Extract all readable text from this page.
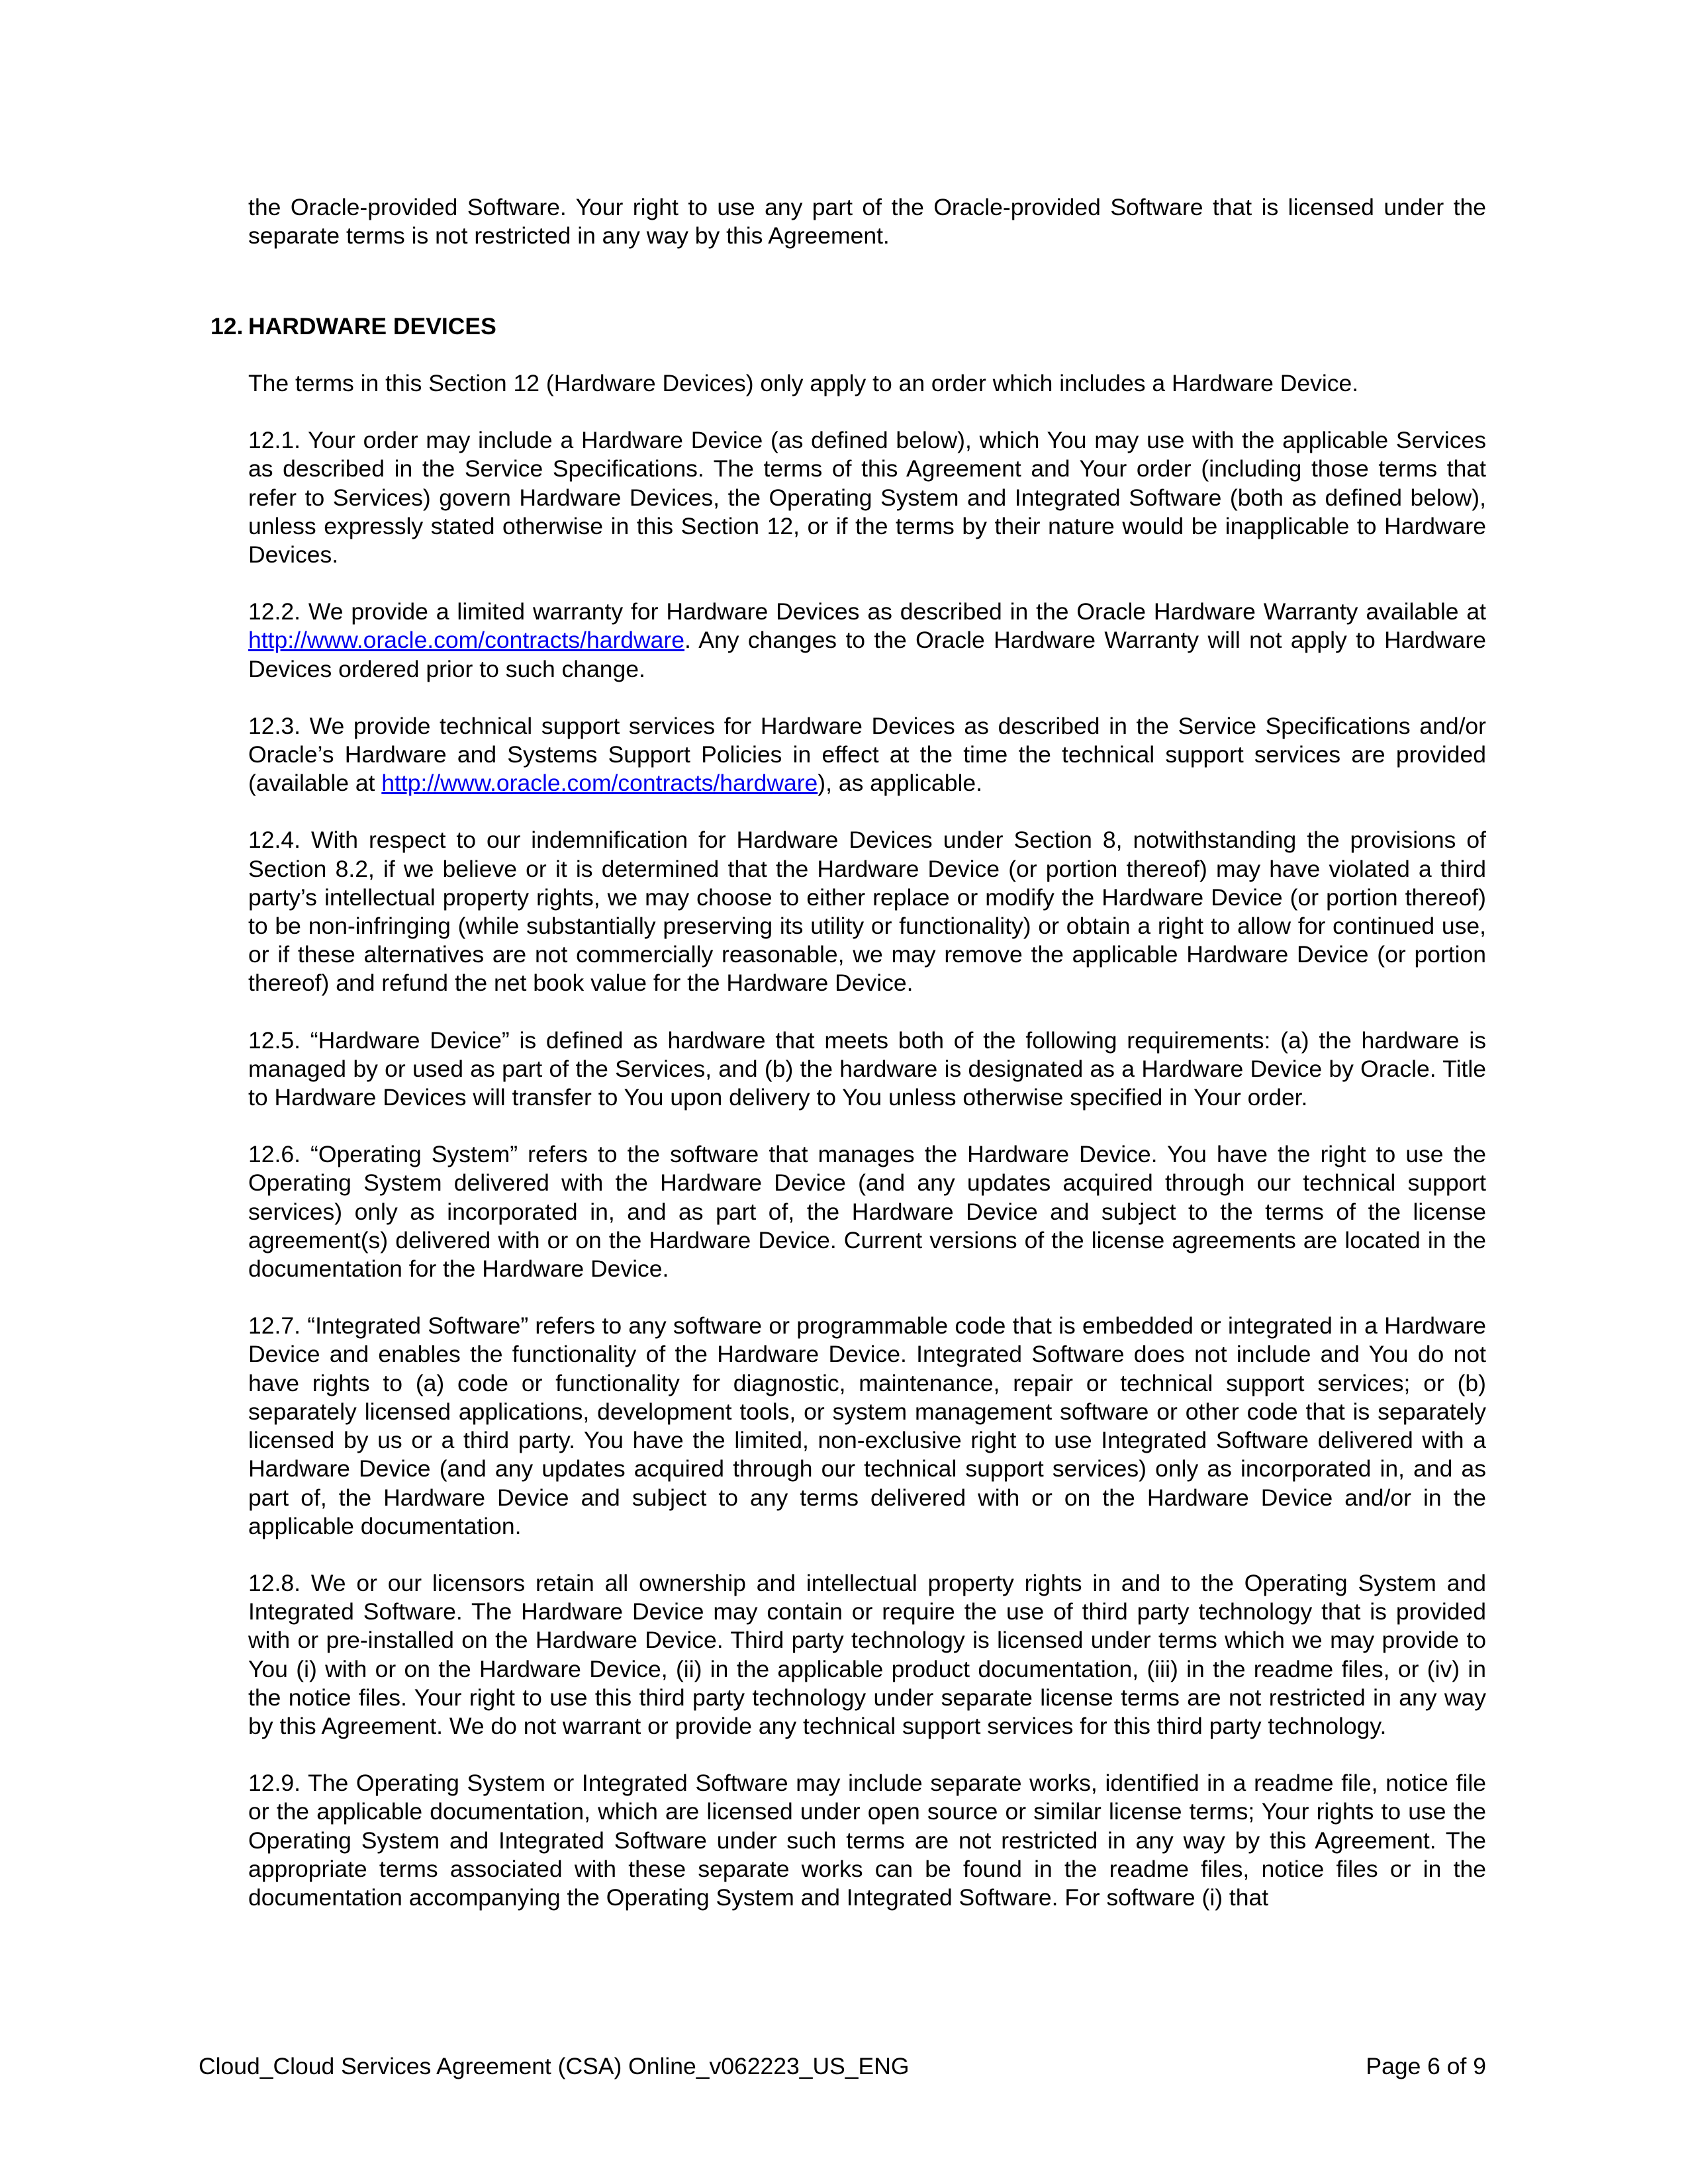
the Oracle-provided Software. Your right to use any part of the Oracle-provided Software that is licensed under the separate terms is not restricted in any way by this Agreement.

12. HARDWARE DEVICES

The terms in this Section 12 (Hardware Devices) only apply to an order which includes a Hardware Device.

12.1. Your order may include a Hardware Device (as defined below), which You may use with the applicable Services as described in the Service Specifications. The terms of this Agreement and Your order (including those terms that refer to Services) govern Hardware Devices, the Operating System and Integrated Software (both as defined below), unless expressly stated otherwise in this Section 12, or if the terms by their nature would be inapplicable to Hardware Devices.

12.2. We provide a limited warranty for Hardware Devices as described in the Oracle Hardware Warranty available at http://www.oracle.com/contracts/hardware. Any changes to the Oracle Hardware Warranty will not apply to Hardware Devices ordered prior to such change.

12.3. We provide technical support services for Hardware Devices as described in the Service Specifications and/or Oracle’s Hardware and Systems Support Policies in effect at the time the technical support services are provided (available at http://www.oracle.com/contracts/hardware), as applicable.

12.4. With respect to our indemnification for Hardware Devices under Section 8, notwithstanding the provisions of Section 8.2, if we believe or it is determined that the Hardware Device (or portion thereof) may have violated a third party’s intellectual property rights, we may choose to either replace or modify the Hardware Device (or portion thereof) to be non-infringing (while substantially preserving its utility or functionality) or obtain a right to allow for continued use, or if these alternatives are not commercially reasonable, we may remove the applicable Hardware Device (or portion thereof) and refund the net book value for the Hardware Device.

12.5. “Hardware Device” is defined as hardware that meets both of the following requirements: (a) the hardware is managed by or used as part of the Services, and (b) the hardware is designated as a Hardware Device by Oracle. Title to Hardware Devices will transfer to You upon delivery to You unless otherwise specified in Your order.

12.6. “Operating System” refers to the software that manages the Hardware Device. You have the right to use the Operating System delivered with the Hardware Device (and any updates acquired through our technical support services) only as incorporated in, and as part of, the Hardware Device and subject to the terms of the license agreement(s) delivered with or on the Hardware Device. Current versions of the license agreements are located in the documentation for the Hardware Device.

12.7. “Integrated Software” refers to any software or programmable code that is embedded or integrated in a Hardware Device and enables the functionality of the Hardware Device. Integrated Software does not include and You do not have rights to (a) code or functionality for diagnostic, maintenance, repair or technical support services; or (b) separately licensed applications, development tools, or system management software or other code that is separately licensed by us or a third party. You have the limited, non-exclusive right to use Integrated Software delivered with a Hardware Device (and any updates acquired through our technical support services) only as incorporated in, and as part of, the Hardware Device and subject to any terms delivered with or on the Hardware Device and/or in the applicable documentation.

12.8. We or our licensors retain all ownership and intellectual property rights in and to the Operating System and Integrated Software. The Hardware Device may contain or require the use of third party technology that is provided with or pre-installed on the Hardware Device. Third party technology is licensed under terms which we may provide to You (i) with or on the Hardware Device, (ii) in the applicable product documentation, (iii) in the readme files, or (iv) in the notice files. Your right to use this third party technology under separate license terms are not restricted in any way by this Agreement. We do not warrant or provide any technical support services for this third party technology.

12.9. The Operating System or Integrated Software may include separate works, identified in a readme file, notice file or the applicable documentation, which are licensed under open source or similar license terms; Your rights to use the Operating System and Integrated Software under such terms are not restricted in any way by this Agreement. The appropriate terms associated with these separate works can be found in the readme files, notice files or in the documentation accompanying the Operating System and Integrated Software. For software (i) that

Cloud_Cloud Services Agreement (CSA) Online_v062223_US_ENG	Page 6 of 9
